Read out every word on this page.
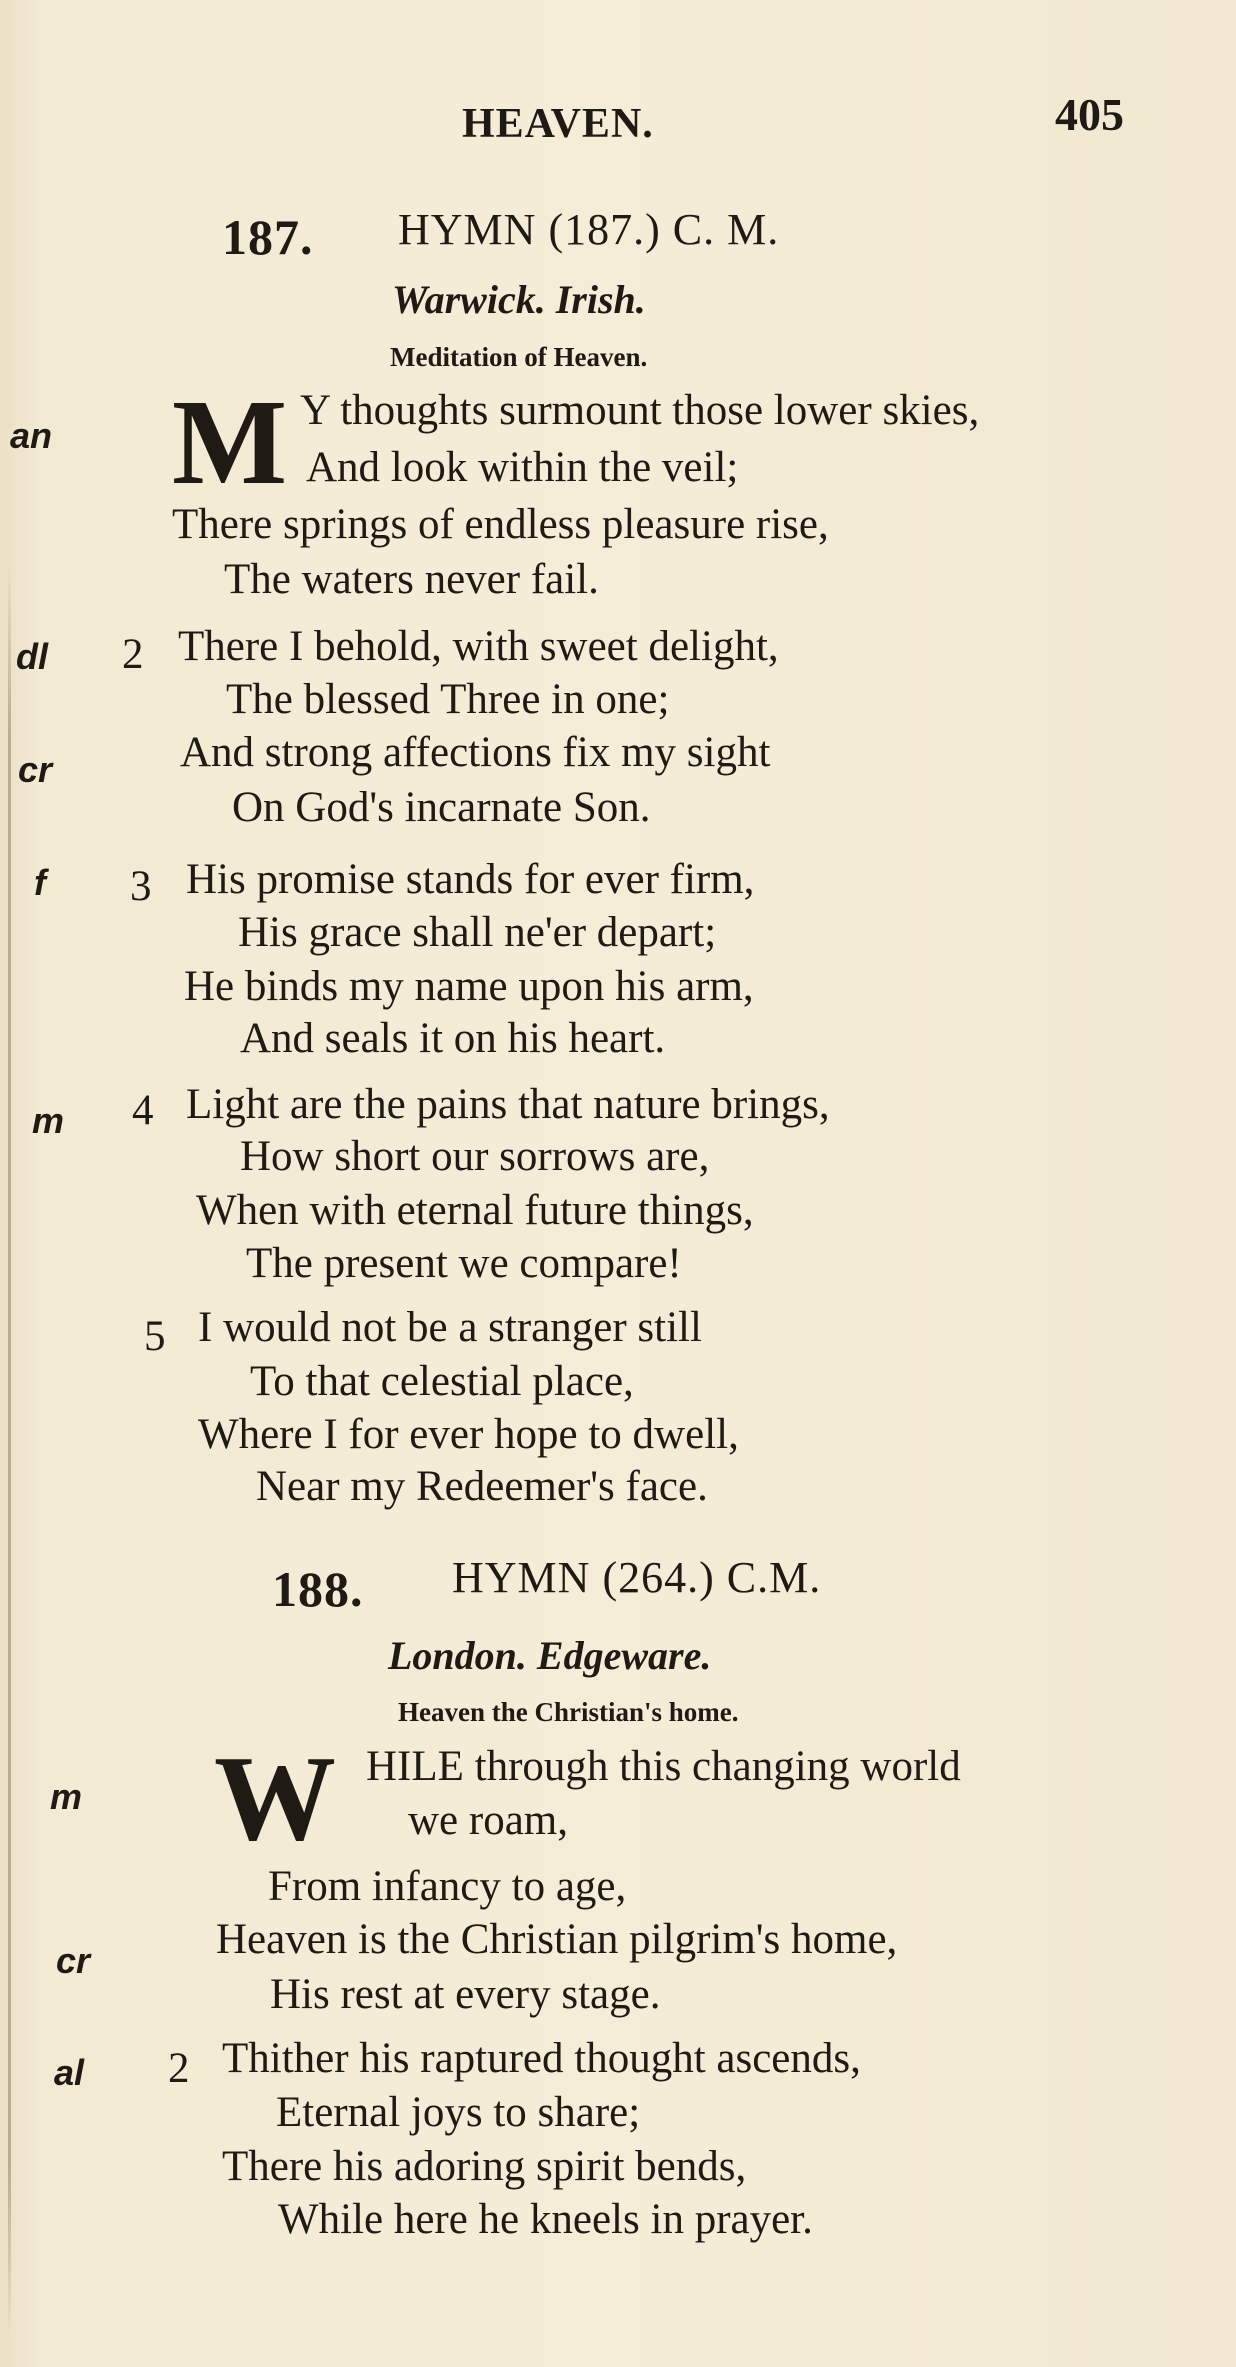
HEAVEN.	405
187. HYMN (187.) C. M.
Warwick. Irish.
Meditation of Heaven.
an M Y thoughts surmount those lower skies,
And look within the veil;
There springs of endless pleasure rise,
The waters never fail.
dl 2 There I behold, with sweet delight,
The blessed Three in one;
cr	And strong affections fix my sight
On God's incarnate Son.
f 3 His promise stands for ever firm,
His grace shall ne'er depart;
He binds my name upon his arm,
And seals it on his heart.
m 4 Light are the pains that nature brings,
How short our sorrows are,
When with eternal future things,
The present we compare!
5 I would not be a stranger still
To that celestial place,
Where I for ever hope to dwell,
Near my Redeemer's face.
188. HYMN (264.) C.M.
London. Edgeware.
Heaven the Christian's home.
m W HILE through this changing world
we roam,
From infancy to age,
cr	Heaven is the Christian pilgrim's home,
His rest at every stage.
al 2 Thither his raptured thought ascends,
Eternal joys to share;
There his adoring spirit bends,
While here he kneels in prayer.
